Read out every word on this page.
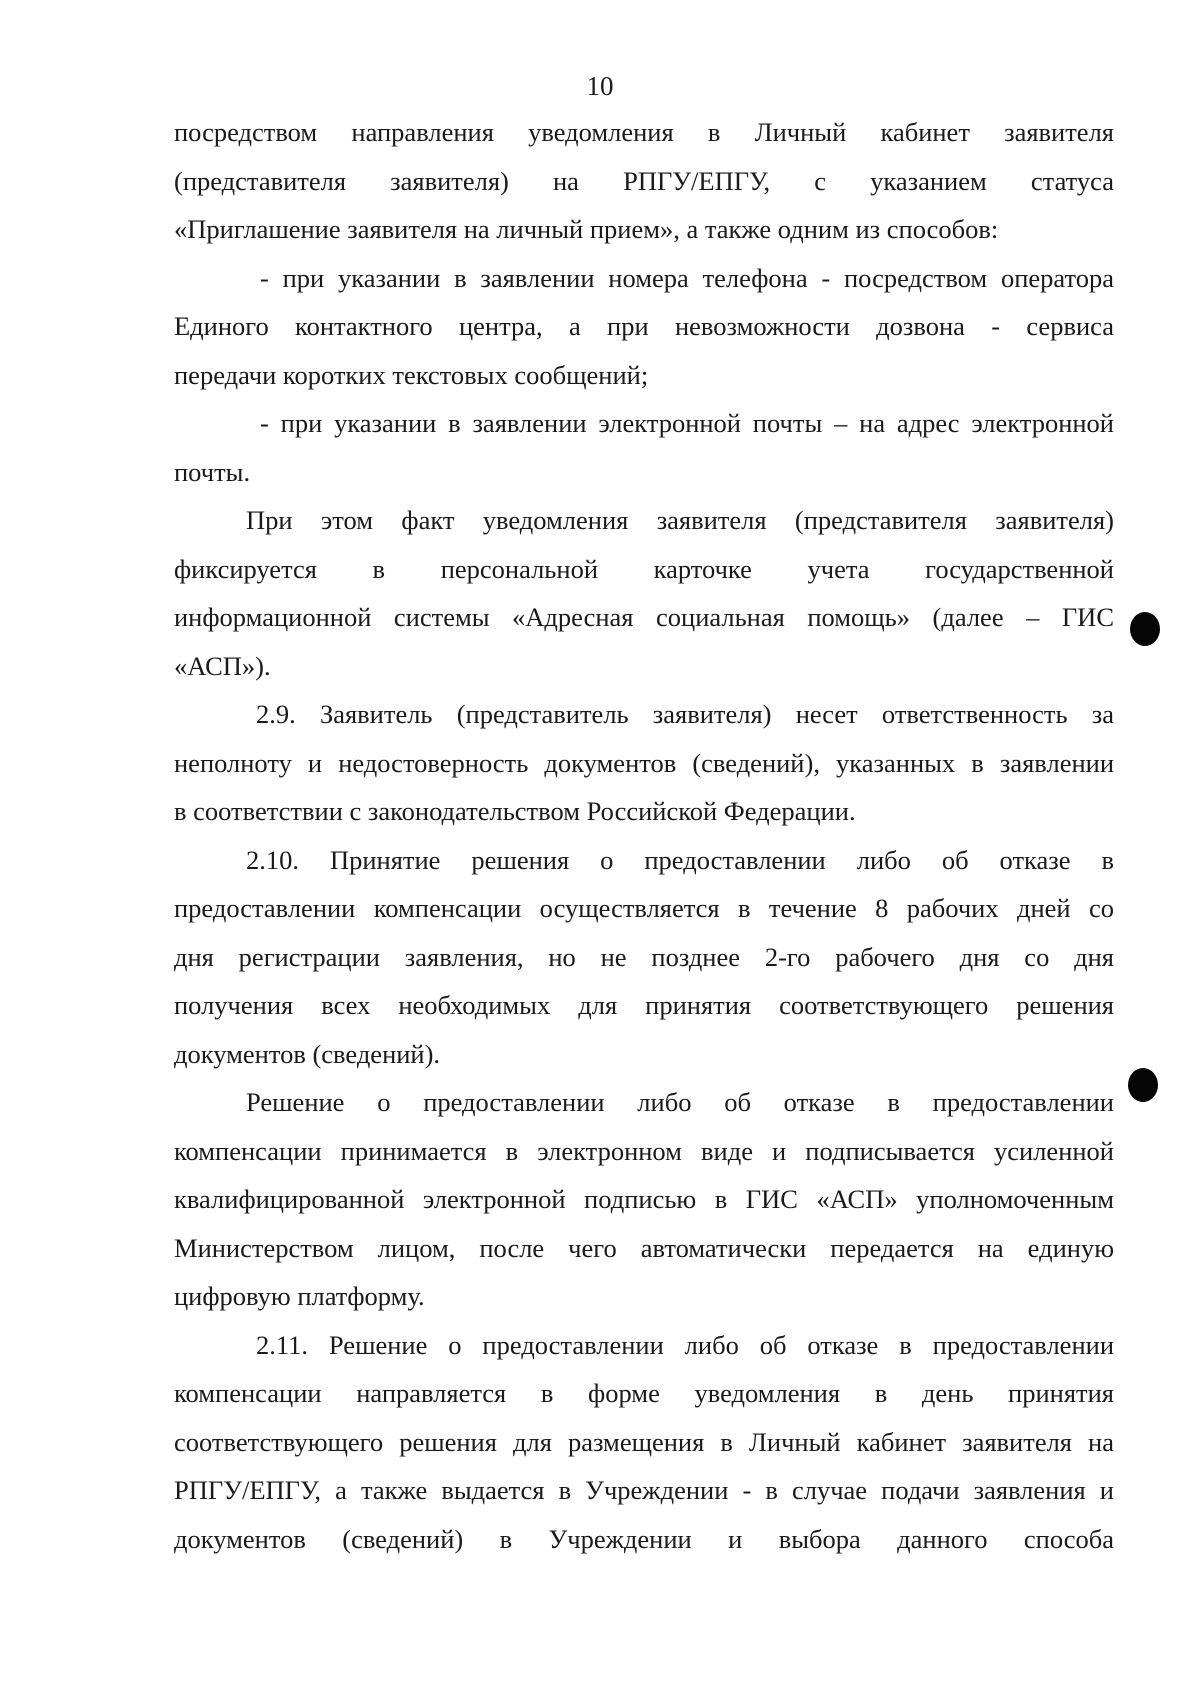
10
посредством направления уведомления в Личный кабинет заявителя
(представителя заявителя) на РПГУ/ЕПГУ, с указанием статуса
«Приглашение заявителя на личный прием», а также одним из способов:
- при указании в заявлении номера телефона - посредством оператора
Единого контактного центра, а при невозможности дозвона - сервиса
передачи коротких текстовых сообщений;
- при указании в заявлении электронной почты – на адрес электронной
почты.
При этом факт уведомления заявителя (представителя заявителя)
фиксируется в персональной карточке учета государственной
информационной системы «Адресная социальная помощь» (далее – ГИС
«АСП»).
2.9. Заявитель (представитель заявителя) несет ответственность за
неполноту и недостоверность документов (сведений), указанных в заявлении
в соответствии с законодательством Российской Федерации.
2.10. Принятие решения о предоставлении либо об отказе в
предоставлении компенсации осуществляется в течение 8 рабочих дней со
дня регистрации заявления, но не позднее 2-го рабочего дня со дня
получения всех необходимых для принятия соответствующего решения
документов (сведений).
Решение о предоставлении либо об отказе в предоставлении
компенсации принимается в электронном виде и подписывается усиленной
квалифицированной электронной подписью в ГИС «АСП» уполномоченным
Министерством лицом, после чего автоматически передается на единую
цифровую платформу.
2.11. Решение о предоставлении либо об отказе в предоставлении
компенсации направляется в форме уведомления в день принятия
соответствующего решения для размещения в Личный кабинет заявителя на
РПГУ/ЕПГУ, а также выдается в Учреждении - в случае подачи заявления и
документов (сведений) в Учреждении и выбора данного способа
